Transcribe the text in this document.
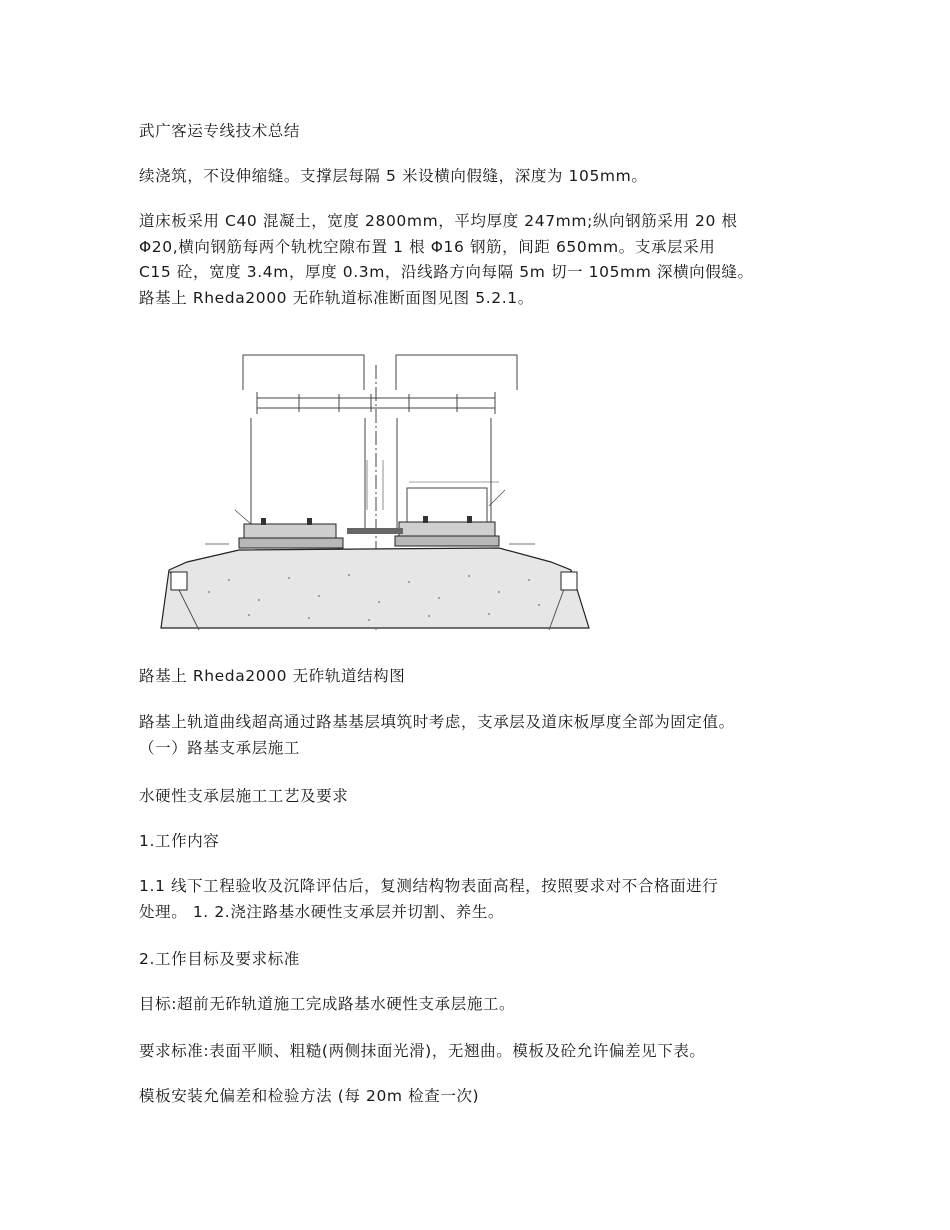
武广客运专线技术总结

续浇筑，不设伸缩缝。支撑层每隔 5 米设横向假缝，深度为 105mm。

道床板采用 C40 混凝土，宽度 2800mm，平均厚度 247mm;纵向钢筋采用 20 根
Φ20,横向钢筋每两个轨枕空隙布置 1 根 Φ16 钢筋，间距 650mm。支承层采用
C15 砼，宽度 3.4m，厚度 0.3m，沿线路方向每隔 5m 切一 105mm 深横向假缝。
路基上 Rheda2000 无砟轨道标准断面图见图 5.2.1。

路基上 Rheda2000 无砟轨道结构图

路基上轨道曲线超高通过路基基层填筑时考虑，支承层及道床板厚度全部为固定值。
（一）路基支承层施工

水硬性支承层施工工艺及要求

1.工作内容

1.1 线下工程验收及沉降评估后，复测结构物表面高程，按照要求对不合格面进行
处理。 1. 2.浇注路基水硬性支承层并切割、养生。

2.工作目标及要求标准

目标:超前无砟轨道施工完成路基水硬性支承层施工。

要求标准:表面平顺、粗糙(两侧抹面光滑)，无翘曲。模板及砼允许偏差见下表。

模板安装允偏差和检验方法 (每 20m 检查一次)
